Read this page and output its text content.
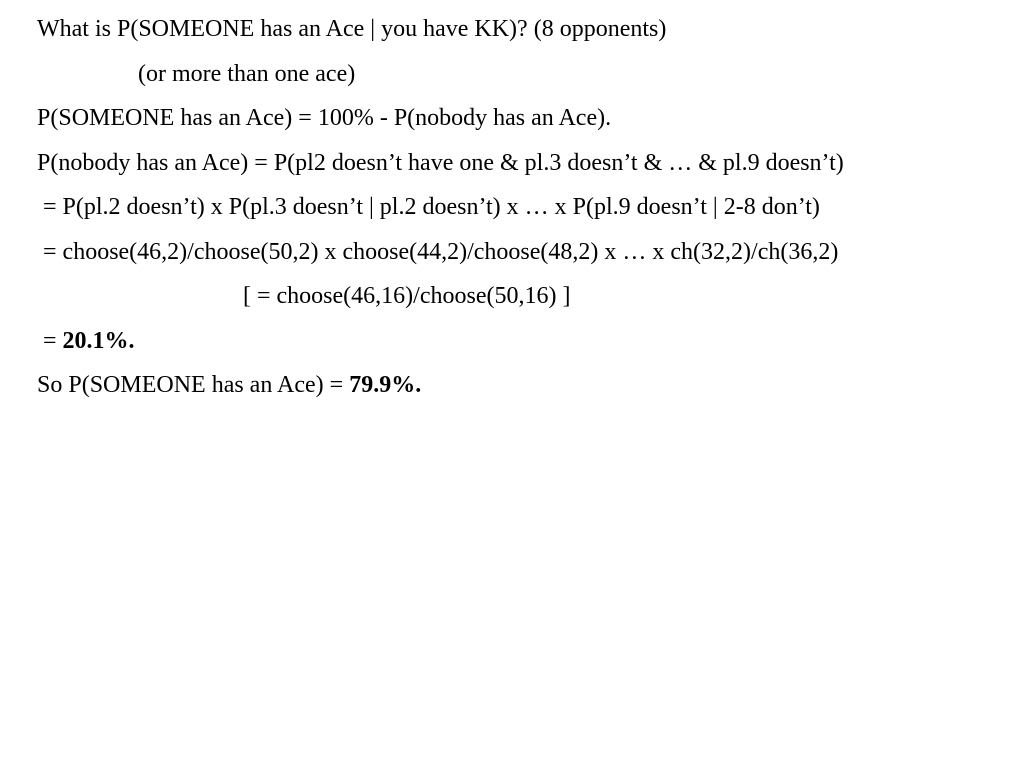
What is P(SOMEONE has an Ace | you have KK)? (8 opponents)
(or more than one ace)
P(SOMEONE has an Ace) = 100% - P(nobody has an Ace).
P(nobody has an Ace) = P(pl2 doesn’t have one & pl.3 doesn’t & … & pl.9 doesn’t)
= P(pl.2 doesn’t) x P(pl.3 doesn’t | pl.2 doesn’t) x … x P(pl.9 doesn’t | 2-8 don’t)
= choose(46,2)/choose(50,2) x choose(44,2)/choose(48,2) x … x ch(32,2)/ch(36,2)
[ = choose(46,16)/choose(50,16) ]
= 20.1%.
So P(SOMEONE has an Ace) = 79.9%.
